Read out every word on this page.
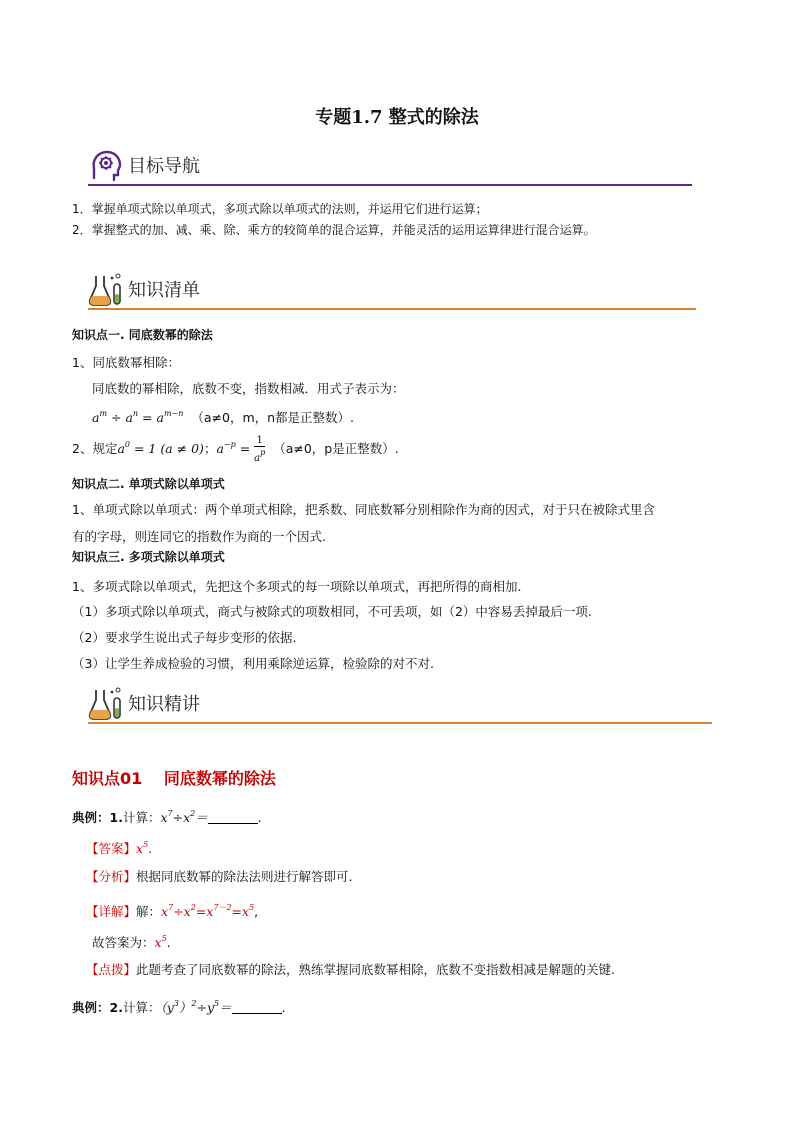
专题1.7 整式的除法
目标导航
1．掌握单项式除以单项式，多项式除以单项式的法则，并运用它们进行运算；
2．掌握整式的加、减、乘、除、乘方的较简单的混合运算，并能灵活的运用运算律进行混合运算。
知识清单
知识点一. 同底数幂的除法
1、同底数幂相除：
同底数的幂相除，底数不变，指数相减．用式子表示为：
$a^m \div a^n = a^{m-n}$ （a≠0，m，n都是正整数）.
2、规定$a^0 = 1$ (a ≠ 0)；$a^{-p} = \frac{1}{a^p} (a\ne 0$，p是正整数）.
知识点二. 单项式除以单项式
1、单项式除以单项式：两个单项式相除，把系数、同底数幂分别相除作为商的因式，对于只在被除式里含
有的字母，则连同它的指数作为商的一个因式.
知识点三. 多项式除以单项式
1、多项式除以单项式，先把这个多项式的每一项除以单项式，再把所得的商相加.
（1）多项式除以单项式，商式与被除式的项数相同，不可丢项，如（2）中容易丢掉最后一项.
（2）要求学生说出式子每步变形的依据.
（3）让学生养成检验的习惯，利用乘除逆运算，检验除的对不对.
知识精讲
知识点01　 同底数幂的除法
典例：1.计算：$x^7\div x^2=$	.
【答案】$x^5$.
【分析】根据同底数幂的除法法则进行解答即可.
【详解】解：$x^7\div x^2=x^{7-2}=x^5$,
故答案为：$x^5$.
【点拨】此题考查了同底数幂的除法，熟练掌握同底数幂相除，底数不变指数相减是解题的关键.
典例：2.计算：$(y^3)^2\div y^5=$	.
